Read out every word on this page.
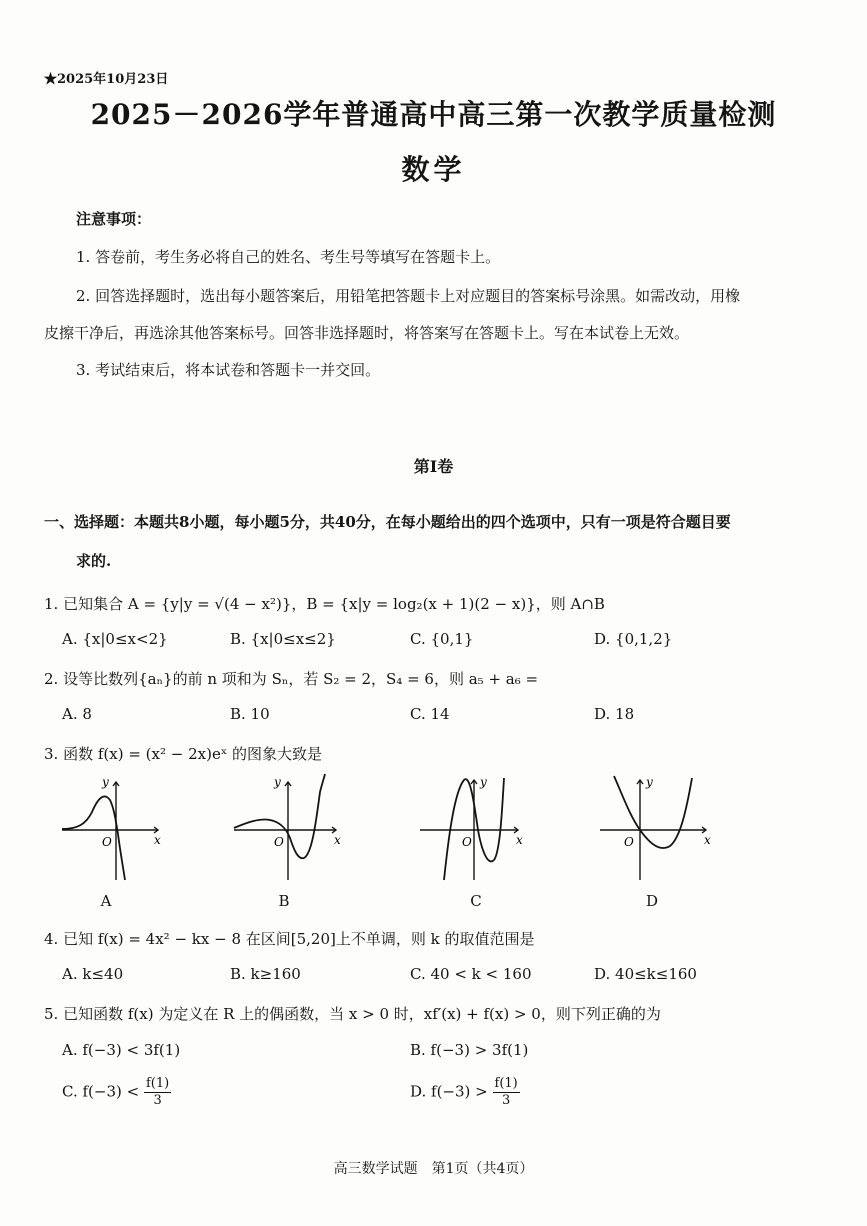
★2025年10月23日
2025－2026学年普通高中高三第一次教学质量检测
数学
注意事项：
1. 答卷前，考生务必将自己的姓名、考生号等填写在答题卡上。
2. 回答选择题时，选出每小题答案后，用铅笔把答题卡上对应题目的答案标号涂黑。如需改动，用橡
皮擦干净后，再选涂其他答案标号。回答非选择题时，将答案写在答题卡上。写在本试卷上无效。
3. 考试结束后，将本试卷和答题卡一并交回。
第Ⅰ卷
一、选择题：本题共8小题，每小题5分，共40分，在每小题给出的四个选项中，只有一项是符合题目要
求的.
1. 已知集合 A = {y|y = √(4 − x²)}，B = {x|y = log₂(x + 1)(2 − x)}，则 A∩B
A. {x|0≤x<2}	B. {x|0≤x≤2}	C. {0,1}	D. {0,1,2}
2. 设等比数列{aₙ}的前 n 项和为 Sₙ，若 S₂ = 2，S₄ = 6，则 a₅ + a₆ =
A. 8	B. 10	C. 14	D. 18
3. 函数 f(x) = (x² − 2x)eˣ 的图象大致是
y
x
O
y
x
O
y
x
O
y
x
O
A	B	C	D
4. 已知 f(x) = 4x² − kx − 8 在区间[5,20]上不单调，则 k 的取值范围是
A. k≤40	B. k≥160	C. 40 < k < 160	D. 40≤k≤160
5. 已知函数 f(x) 为定义在 R 上的偶函数，当 x > 0 时，xf′(x) + f(x) > 0，则下列正确的为
A. f(−3) < 3f(1)	B. f(−3) > 3f(1)
C. $f(-3) < \frac{f(1)}{3}$	D. $f(-3) > \frac{f(1)}{3}$
高三数学试题　第1页（共4页）
